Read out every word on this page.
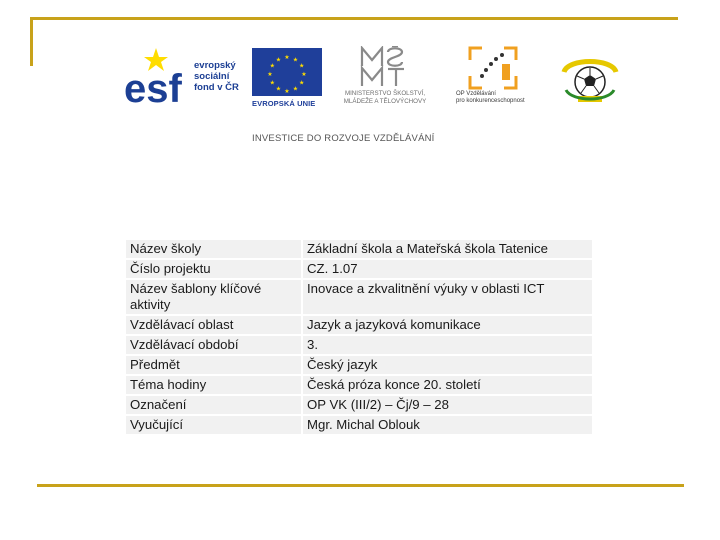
esf
evropský
sociální
fond v ČR
★ ★
★
★
★
★
★
★
★
★
★
★
EVROPSKÁ UNIE
MINISTERSTVO ŠKOLSTVÍ,
MLÁDEŽE A TĚLOVÝCHOVY
OP Vzdělávání
pro konkurenceschopnost
INVESTICE DO ROZVOJE VZDĚLÁVÁNÍ
Název školy		Základní škola a Mateřská škola Tatenice
Číslo projektu		CZ. 1.07
Název šablony klíčové aktivity		Inovace a zkvalitnění výuky v oblasti ICT
Vzdělávací oblast		Jazyk a jazyková komunikace
Vzdělávací období		3.
Předmět		Český jazyk
Téma hodiny		Česká próza konce 20. století
Označení		OP VK (III/2) – Čj/9 – 28
Vyučující		Mgr. Michal Oblouk
